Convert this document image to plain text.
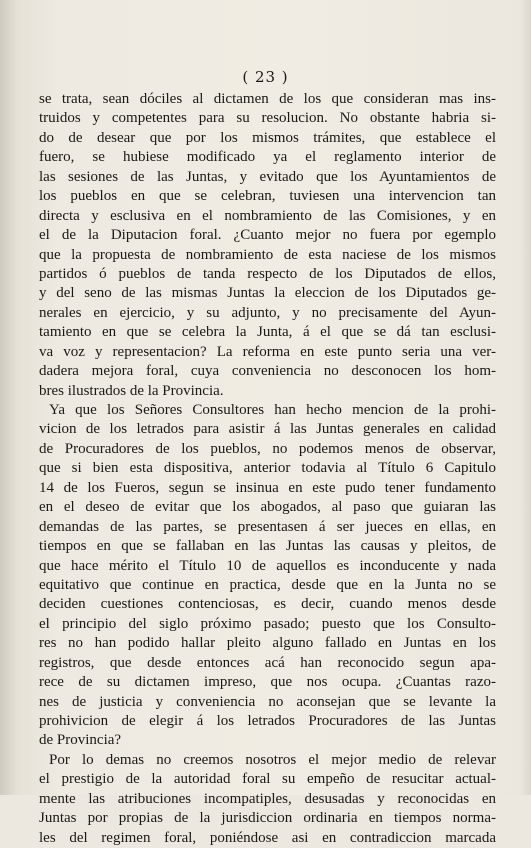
( 23 )
se trata, sean dóciles al dictamen de los que consideran mas ins-
truidos y competentes para su resolucion. No obstante habria si-
do de desear que por los mismos trámites, que establece el
fuero, se hubiese modificado ya el reglamento interior de
las sesiones de las Juntas, y evitado que los Ayuntamientos de
los pueblos en que se celebran, tuviesen una intervencion tan
directa y esclusiva en el nombramiento de las Comisiones, y en
el de la Diputacion foral. ¿Cuanto mejor no fuera por egemplo
que la propuesta de nombramiento de esta naciese de los mismos
partidos ó pueblos de tanda respecto de los Diputados de ellos,
y del seno de las mismas Juntas la eleccion de los Diputados ge-
nerales en ejercicio, y su adjunto, y no precisamente del Ayun-
tamiento en que se celebra la Junta, á el que se dá tan esclusi-
va voz y representacion? La reforma en este punto seria una ver-
dadera mejora foral, cuya conveniencia no desconocen los hom-
bres ilustrados de la Provincia.
Ya que los Señores Consultores han hecho mencion de la prohi-
vicion de los letrados para asistir á las Juntas generales en calidad
de Procuradores de los pueblos, no podemos menos de observar,
que si bien esta dispositiva, anterior todavia al Título 6 Capitulo
14 de los Fueros, segun se insinua en este pudo tener fundamento
en el deseo de evitar que los abogados, al paso que guiaran las
demandas de las partes, se presentasen á ser jueces en ellas, en
tiempos en que se fallaban en las Juntas las causas y pleitos, de
que hace mérito el Título 10 de aquellos es inconducente y nada
equitativo que continue en practica, desde que en la Junta no se
deciden cuestiones contenciosas, es decir, cuando menos desde
el principio del siglo próximo pasado; puesto que los Consulto-
res no han podido hallar pleito alguno fallado en Juntas en los
registros, que desde entonces acá han reconocido segun apa-
rece de su dictamen impreso, que nos ocupa. ¿Cuantas razo-
nes de justicia y conveniencia no aconsejan que se levante la
prohivicion de elegir á los letrados Procuradores de las Juntas
de Provincia?
Por lo demas no creemos nosotros el mejor medio de relevar
el prestigio de la autoridad foral su empeño de resucitar actual-
mente las atribuciones incompatiples, desusadas y reconocidas en
Juntas por propias de la jurisdiccion ordinaria en tiempos norma-
les del regimen foral, poniéndose asi en contradiccion marcada
